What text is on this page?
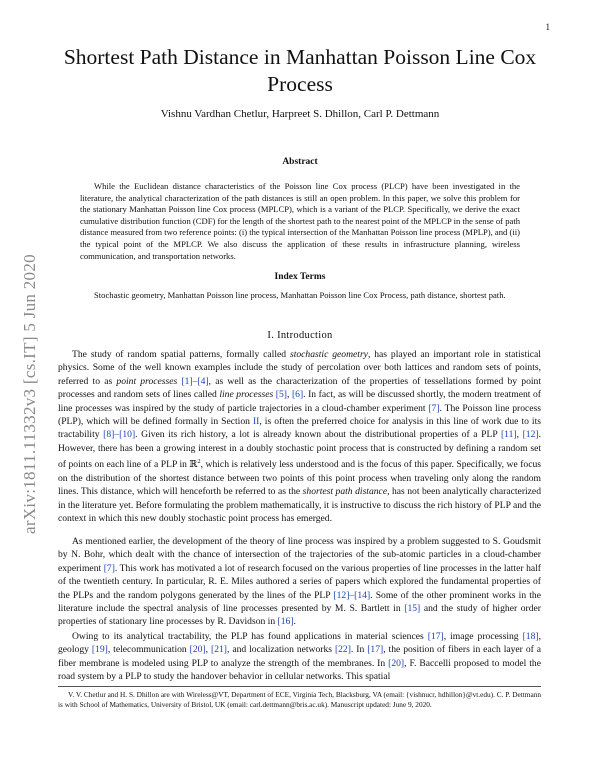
1
arXiv:1811.11332v3 [cs.IT] 5 Jun 2020
Shortest Path Distance in Manhattan Poisson Line Cox Process
Vishnu Vardhan Chetlur, Harpreet S. Dhillon, Carl P. Dettmann
Abstract
While the Euclidean distance characteristics of the Poisson line Cox process (PLCP) have been investigated in the literature, the analytical characterization of the path distances is still an open problem. In this paper, we solve this problem for the stationary Manhattan Poisson line Cox process (MPLCP), which is a variant of the PLCP. Specifically, we derive the exact cumulative distribution function (CDF) for the length of the shortest path to the nearest point of the MPLCP in the sense of path distance measured from two reference points: (i) the typical intersection of the Manhattan Poisson line process (MPLP), and (ii) the typical point of the MPLCP. We also discuss the application of these results in infrastructure planning, wireless communication, and transportation networks.
Index Terms
Stochastic geometry, Manhattan Poisson line process, Manhattan Poisson line Cox Process, path distance, shortest path.
I. Introduction
The study of random spatial patterns, formally called stochastic geometry, has played an important role in statistical physics. Some of the well known examples include the study of percolation over both lattices and random sets of points, referred to as point processes [1]–[4], as well as the characterization of the properties of tessellations formed by point processes and random sets of lines called line processes [5], [6]. In fact, as will be discussed shortly, the modern treatment of line processes was inspired by the study of particle trajectories in a cloud-chamber experiment [7]. The Poisson line process (PLP), which will be defined formally in Section II, is often the preferred choice for analysis in this line of work due to its tractability [8]–[10]. Given its rich history, a lot is already known about the distributional properties of a PLP [11], [12]. However, there has been a growing interest in a doubly stochastic point process that is constructed by defining a random set of points on each line of a PLP in ℝ$^2$, which is relatively less understood and is the focus of this paper. Specifically, we focus on the distribution of the shortest distance between two points of this point process when traveling only along the random lines. This distance, which will henceforth be referred to as the shortest path distance, has not been analytically characterized in the literature yet. Before formulating the problem mathematically, it is instructive to discuss the rich history of PLP and the context in which this new doubly stochastic point process has emerged.
As mentioned earlier, the development of the theory of line process was inspired by a problem suggested to S. Goudsmit by N. Bohr, which dealt with the chance of intersection of the trajectories of the sub-atomic particles in a cloud-chamber experiment [7]. This work has motivated a lot of research focused on the various properties of line processes in the latter half of the twentieth century. In particular, R. E. Miles authored a series of papers which explored the fundamental properties of the PLPs and the random polygons generated by the lines of the PLP [12]–[14]. Some of the other prominent works in the literature include the spectral analysis of line processes presented by M. S. Bartlett in [15] and the study of higher order properties of stationary line processes by R. Davidson in [16].
Owing to its analytical tractability, the PLP has found applications in material sciences [17], image processing [18], geology [19], telecommunication [20], [21], and localization networks [22]. In [17], the position of fibers in each layer of a fiber membrane is modeled using PLP to analyze the strength of the membranes. In [20], F. Baccelli proposed to model the road system by a PLP to study the handover behavior in cellular networks. This spatial
V. V. Chetlur and H. S. Dhillon are with Wireless@VT, Department of ECE, Virginia Tech, Blacksburg, VA (email: {vishnucr, hdhillon}@vt.edu). C. P. Dettmann is with School of Mathematics, University of Bristol, UK (email: carl.dettmann@bris.ac.uk). Manuscript updated: June 9, 2020.
